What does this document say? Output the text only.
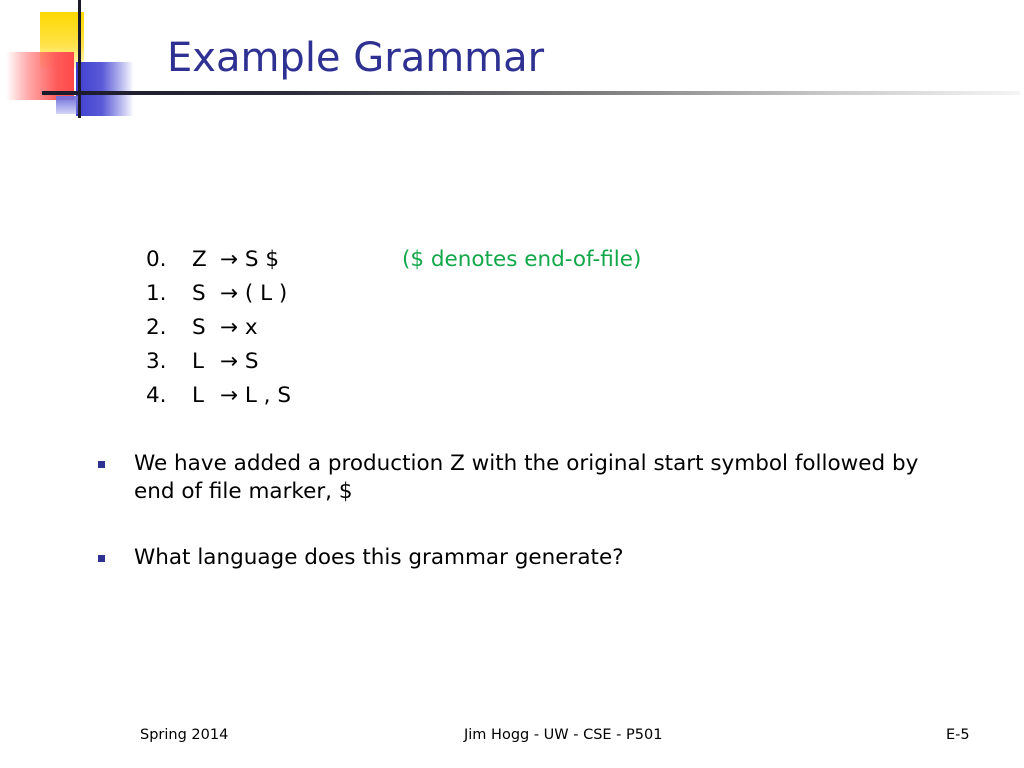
Example Grammar
0. Z → S $	($ denotes end-of-file)
1. S → ( L )
2. S → x
3. L → S
4. L → L , S
We have added a production Z with the original start symbol followed by end of file marker, $
What language does this grammar generate?
Spring 2014	Jim Hogg - UW - CSE - P501	E-5
